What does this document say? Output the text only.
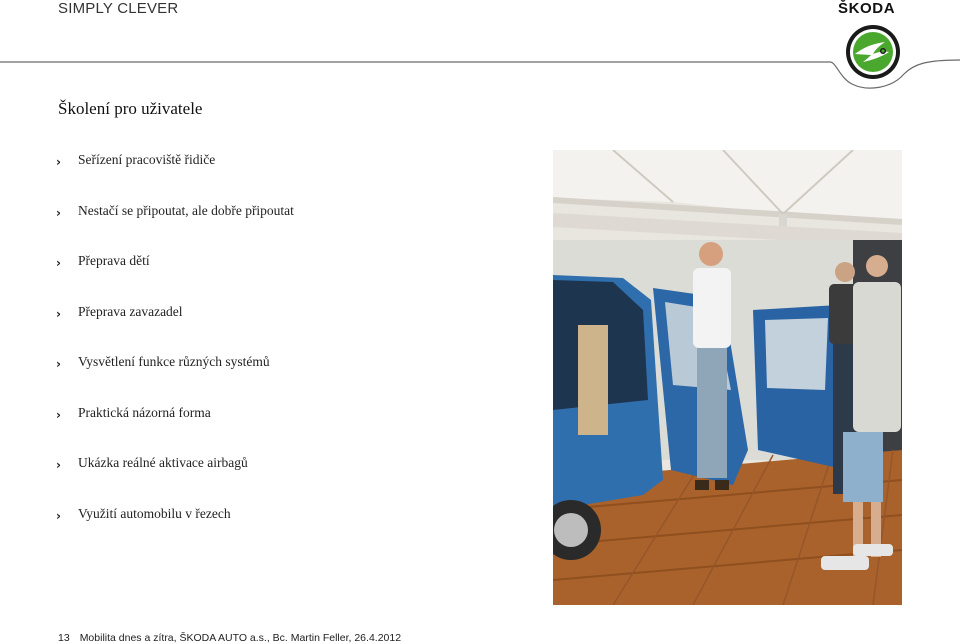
SIMPLY CLEVER	ŠKODA
Školení pro uživatele
›	Seřízení pracoviště řidiče
›	Nestačí se připoutat, ale dobře připoutat
›	Přeprava dětí
›	Přeprava zavazadel
›	Vysvětlení funkce různých systémů
›	Praktická názorná forma
›	Ukázka reálné aktivace airbagů
›	Využití automobilu v řezech
13 Mobilita dnes a zítra, ŠKODA AUTO a.s., Bc. Martin Feller, 26.4.2012
